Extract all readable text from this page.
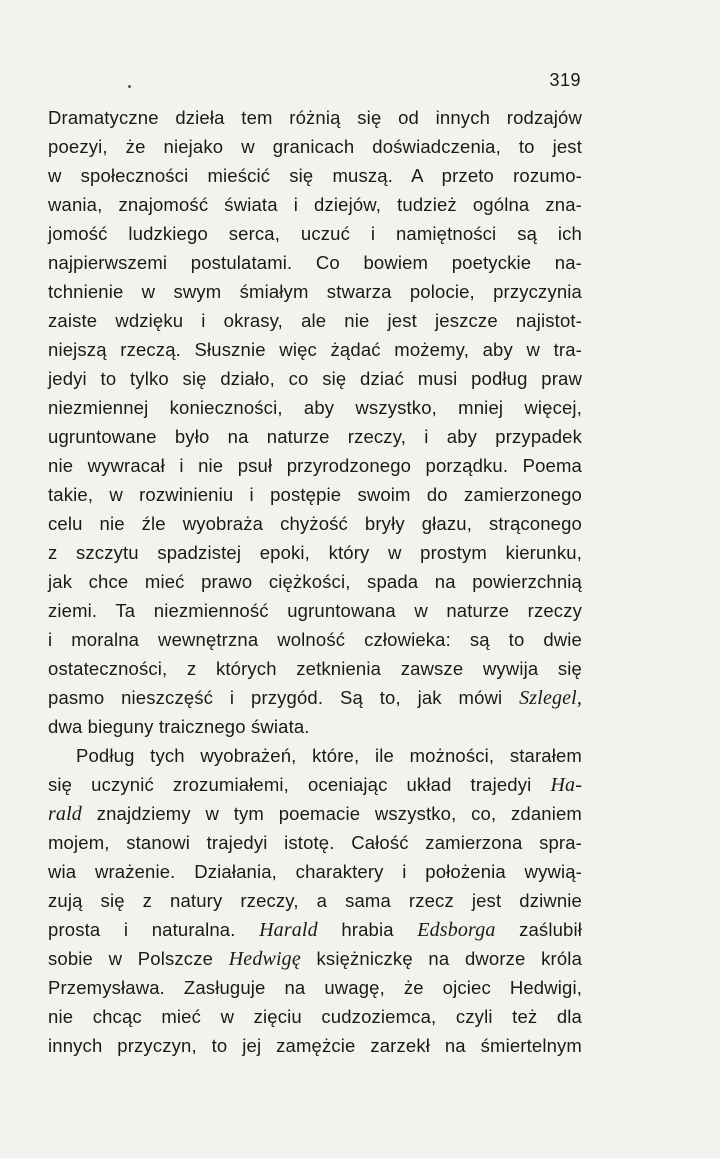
319
Dramatyczne dzieła tem różnią się od innych rodzajów
poezyi, że niejako w granicach doświadczenia, to jest
w społeczności mieścić się muszą. A przeto rozumo-
wania, znajomość świata i dziejów, tudzież ogólna zna-
jomość ludzkiego serca, uczuć i namiętności są ich
najpierwszemi postulatami. Co bowiem poetyckie na-
tchnienie w swym śmiałym stwarza polocie, przyczynia
zaiste wdzięku i okrasy, ale nie jest jeszcze najistot-
niejszą rzeczą. Słusznie więc żądać możemy, aby w tra-
jedyi to tylko się działo, co się dziać musi podług praw
niezmiennej konieczności, aby wszystko, mniej więcej,
ugruntowane było na naturze rzeczy, i aby przypadek
nie wywracał i nie psuł przyrodzonego porządku. Poema
takie, w rozwinieniu i postępie swoim do zamierzonego
celu nie źle wyobraża chyżość bryły głazu, strąconego
z szczytu spadzistej epoki, który w prostym kierunku,
jak chce mieć prawo ciężkości, spada na powierzchnią
ziemi. Ta niezmienność ugruntowana w naturze rzeczy
i moralna wewnętrzna wolność człowieka: są to dwie
ostateczności, z których zetknienia zawsze wywija się
pasmo nieszczęść i przygód. Są to, jak mówi Szlegel,
dwa bieguny traicznego świata.
Podług tych wyobrażeń, które, ile możności, starałem
się uczynić zrozumiałemi, oceniając układ trajedyi Ha-
rald znajdziemy w tym poemacie wszystko, co, zdaniem
mojem, stanowi trajedyi istotę. Całość zamierzona spra-
wia wrażenie. Działania, charaktery i położenia wywią-
zują się z natury rzeczy, a sama rzecz jest dziwnie
prosta i naturalna. Harald hrabia Edsborga zaślubił
sobie w Polszcze Hedwigę księżniczkę na dworze króla
Przemysława. Zasługuje na uwagę, że ojciec Hedwigi,
nie chcąc mieć w zięciu cudzoziemca, czyli też dla
innych przyczyn, to jej zamężcie zarzekł na śmiertelnym
